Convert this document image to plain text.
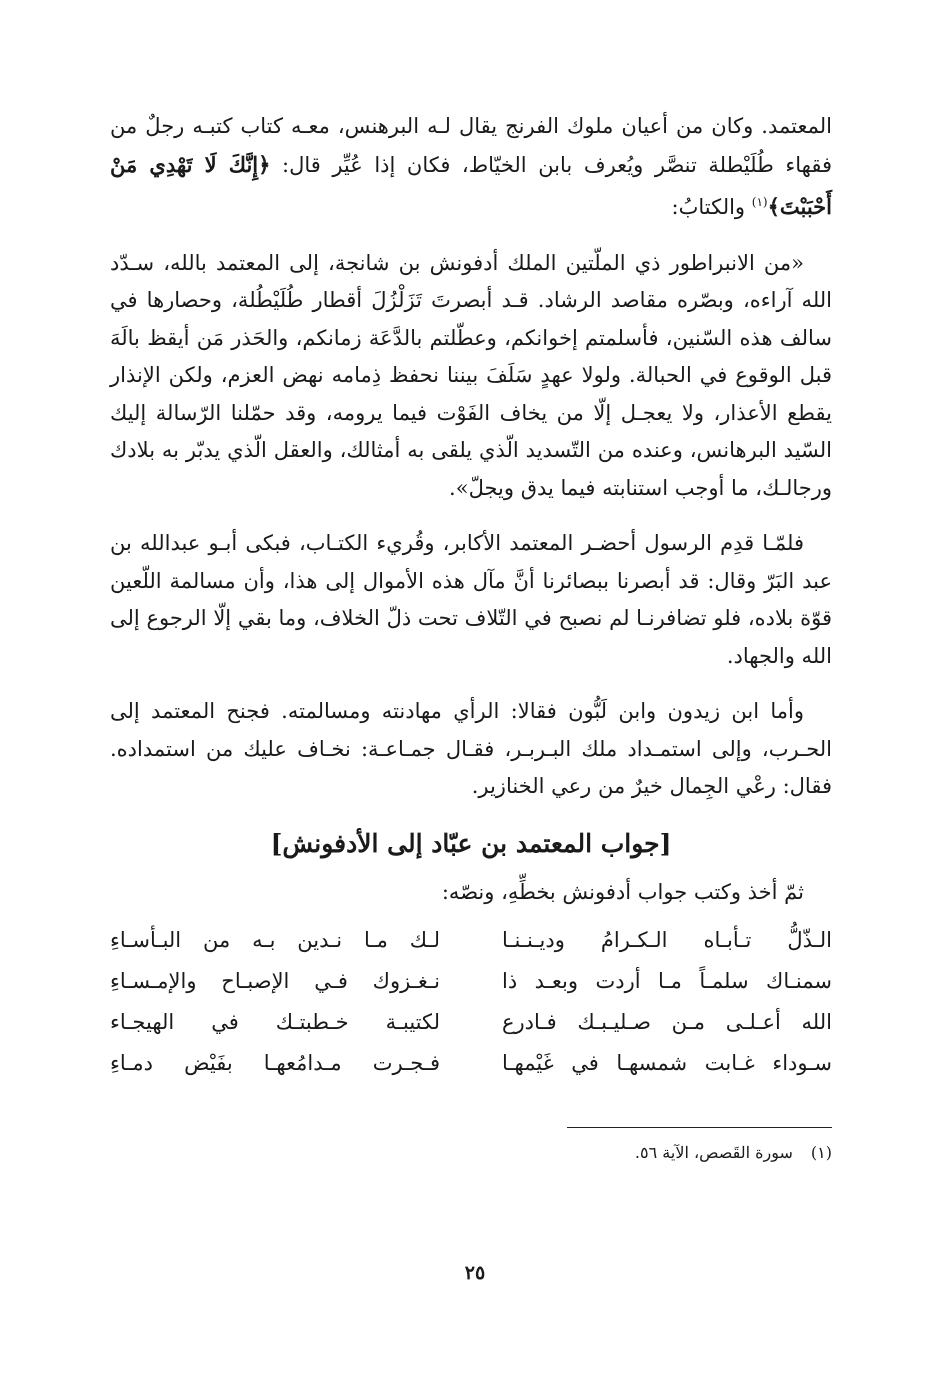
المعتمد. وكان من أعيان ملوك الفرنج يقال لـه البرهنس، معـه كتاب كتبـه رجلٌ من فقهاء طُلَيْطلة تنصَّر ويُعرف بابن الخيّاط، فكان إذا عُيِّر قال: ﴿إِنَّكَ لَا تَهْدِي مَنْ أَحْبَبْتَ﴾$^{(١)}$ والكتابُ:

«من الانبراطور ذي الملّتين الملك أدفونش بن شانجة، إلى المعتمد بالله، سـدّد الله آراءه، وبصّره مقاصد الرشاد. قـد أبصرتَ تَزَلْزُلَ أقطار طُلَيْطُلة، وحصارها في سالف هذه السّنين، فأسلمتم إخوانكم، وعطّلتم بالدَّعَة زمانكم، والحَذر مَن أيقظ بالَهَ قبل الوقوع في الحبالة. ولولا عهدٍ سَلَفَ بيننا نحفظ ذِمامه نهض العزم، ولكن الإنذار يقطع الأعذار، ولا يعجـل إلّا من يخاف الفَوْت فيما يرومه، وقد حمّلنا الرّسالة إليك السّيد البرهانس، وعنده من التّسديد الّذي يلقى به أمثالك، والعقل الّذي يدبّر به بلادك ورجالـك، ما أوجب استنابته فيما يدق ويجلّ».

فلمّـا قدِم الرسول أحضـر المعتمد الأكابر، وقُريء الكتـاب، فبكى أبـو عبدالله بن عبد البَرّ وقال: قد أبصرنا ببصائرنا أنَّ مآل هذه الأموال إلى هذا، وأن مسالمة اللّعين قوّة بلاده، فلو تضافرنـا لم نصبح في التّلاف تحت ذلّ الخلاف، وما بقي إلّا الرجوع إلى الله والجهاد.

وأما ابن زيدون وابن لَبُّون فقالا: الرأي مهادنته ومسالمته. فجنح المعتمد إلى الحـرب، وإلى استمـداد ملك البـربـر، فقـال جمـاعـة: نخـاف عليك من استمداده. فقال: رعْي الجِمال خيرٌ من رعي الخنازير.

[جواب المعتمد بن عبّاد إلى الأدفونش]
ثمّ أخذ وكتب جواب أدفونش بخطِّهِ، ونصّه:
الـذّلُّ تـأبـاه الـكـرامُ وديـنـنـا
لـك مـا نـدين بـه من البـأسـاءِ
سمنـاك سلمـاً مـا أردت وبعـد ذا
نـغـزوك فـي الإصبـاح والإمـسـاءِ
الله أعـلـى مـن صـليـبـك فـادرع
لكتيبـة خـطبتـك في الهيجـاء
سـوداء غـابت شمسهـا في غَيْمهـا
فـجـرت مـدامُعهـا بفَيْض دمـاءِ
(١)سورة القَصص، الآية ٥٦.
٢٥
